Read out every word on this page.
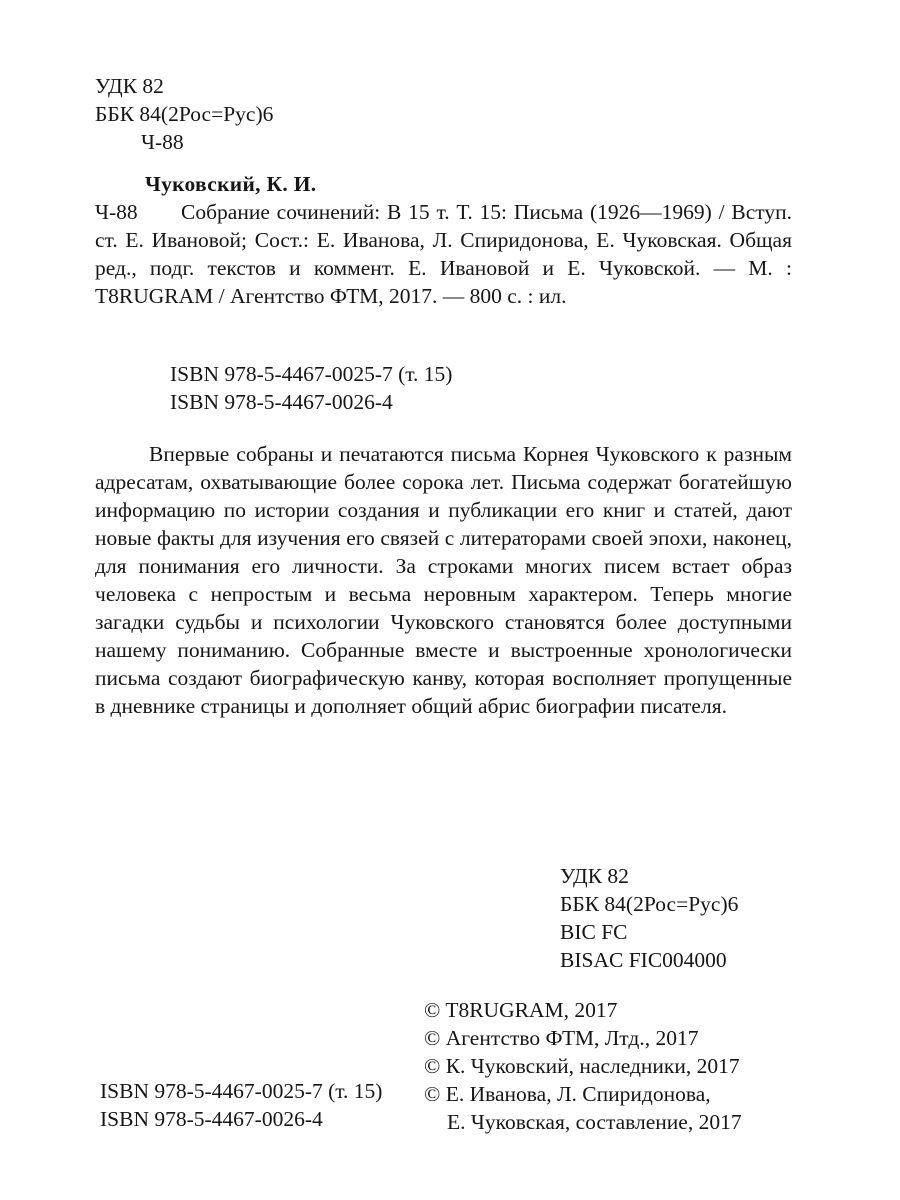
УДК 82
ББК 84(2Рос=Рус)6
Ч-88
Чуковский, К. И.
Ч-88	Собрание сочинений: В 15 т. Т. 15: Письма (1926—1969) / Вступ. ст. Е. Ивановой; Сост.: Е. Иванова, Л. Спиридонова, Е. Чуковская. Общая ред., подг. текстов и коммент. Е. Ивановой и Е. Чуковской. — М. : T8RUGRAM / Агентство ФТМ, 2017. — 800 с. : ил.
ISBN 978-5-4467-0025-7 (т. 15)
ISBN 978-5-4467-0026-4
Впервые собраны и печатаются письма Корнея Чуковского к разным адресатам, охватывающие более сорока лет. Письма содержат богатейшую информацию по истории создания и публикации его книг и статей, дают новые факты для изучения его связей с литераторами своей эпохи, наконец, для понимания его личности. За строками многих писем встает образ человека с непростым и весьма неровным характером. Теперь многие загадки судьбы и психологии Чуковского становятся более доступными нашему пониманию. Собранные вместе и выстроенные хронологически письма создают биографическую канву, которая восполняет пропущенные в дневнике страницы и дополняет общий абрис биографии писателя.
УДК 82
ББК 84(2Рос=Рус)6
BIC FC
BISAC FIC004000
© T8RUGRAM, 2017
© Агентство ФТМ, Лтд., 2017
© К. Чуковский, наследники, 2017
© Е. Иванова, Л. Спиридонова,
Е. Чуковская, составление, 2017
ISBN 978-5-4467-0025-7 (т. 15)
ISBN 978-5-4467-0026-4
